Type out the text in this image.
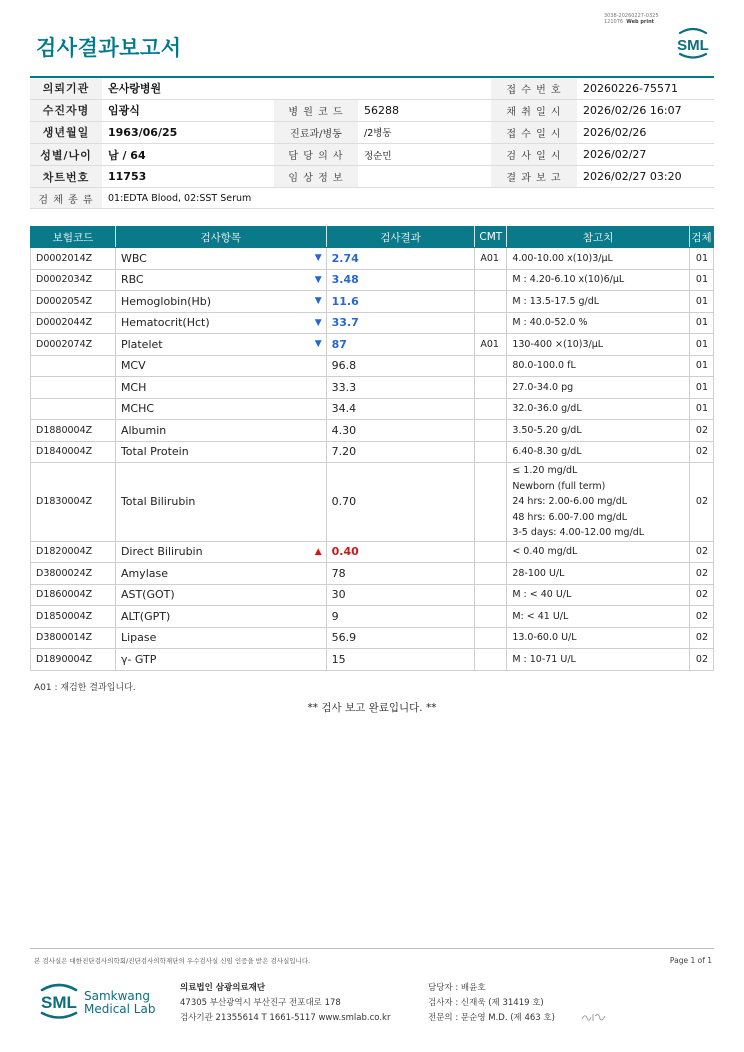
3038-20260227-0325
121076 Web print
검사결과보고서	SML
의뢰기관	온사랑병원			접 수 번 호	20260226-75571
수진자명	임광식	병 원 코 드	56288	채 취 일 시	2026/02/26 16:07
생년월일	1963/06/25	진료과/병동	/2병동	접 수 일 시	2026/02/26
성별/나이	남 / 64	담 당 의 사	정순민	검 사 일 시	2026/02/27
차트번호	11753	임 상 정 보		결 과 보 고	2026/02/27 03:20
검 체 종 류	01:EDTA Blood, 02:SST Serum				
보험코드	검사항목	검사결과	CMT	참고치	검체
D0002014Z	WBC ▼	2.74	A01	4.00-10.00 x(10)3/μL	01
D0002034Z	RBC ▼	3.48		M : 4.20-6.10 x(10)6/μL	01
D0002054Z	Hemoglobin(Hb) ▼	11.6		M : 13.5-17.5 g/dL	01
D0002044Z	Hematocrit(Hct) ▼	33.7		M : 40.0-52.0 %	01
D0002074Z	Platelet ▼	87	A01	130-400 ×(10)3/μL	01
	MCV	96.8		80.0-100.0 fL	01
	MCH	33.3		27.0-34.0 pg	01
	MCHC	34.4		32.0-36.0 g/dL	01
D1880004Z	Albumin	4.30		3.50-5.20 g/dL	02
D1840004Z	Total Protein	7.20		6.40-8.30 g/dL	02
D1830004Z	Total Bilirubin	0.70		≤ 1.20 mg/dL
Newborn (full term)
24 hrs: 2.00-6.00 mg/dL
48 hrs: 6.00-7.00 mg/dL
3-5 days: 4.00-12.00 mg/dL	02
D1820004Z	Direct Bilirubin ▲	0.40		< 0.40 mg/dL	02
D3800024Z	Amylase	78		28-100 U/L	02
D1860004Z	AST(GOT)	30		M : < 40 U/L	02
D1850004Z	ALT(GPT)	9		M: < 41 U/L	02
D3800014Z	Lipase	56.9		13.0-60.0 U/L	02
D1890004Z	γ- GTP	15		M : 10-71 U/L	02
A01 : 재검한 결과입니다.
** 검사 보고 완료입니다. **
본 검사실은 대한진단검사의학회/진단검사의학재단의 우수검사실 신임 인증을 받은 검사실입니다.	Page 1 of 1
SML Samkwang
Medical Lab
의료법인 삼광의료재단
47305 부산광역시 부산진구 전포대로 178
검사기관 21355614 T 1661-5117 www.smlab.co.kr
담당자 : 배윤호
검사자 : 신재욱 (제 31419 호)
전문의 : 문순영 M.D. (제 463 호)
